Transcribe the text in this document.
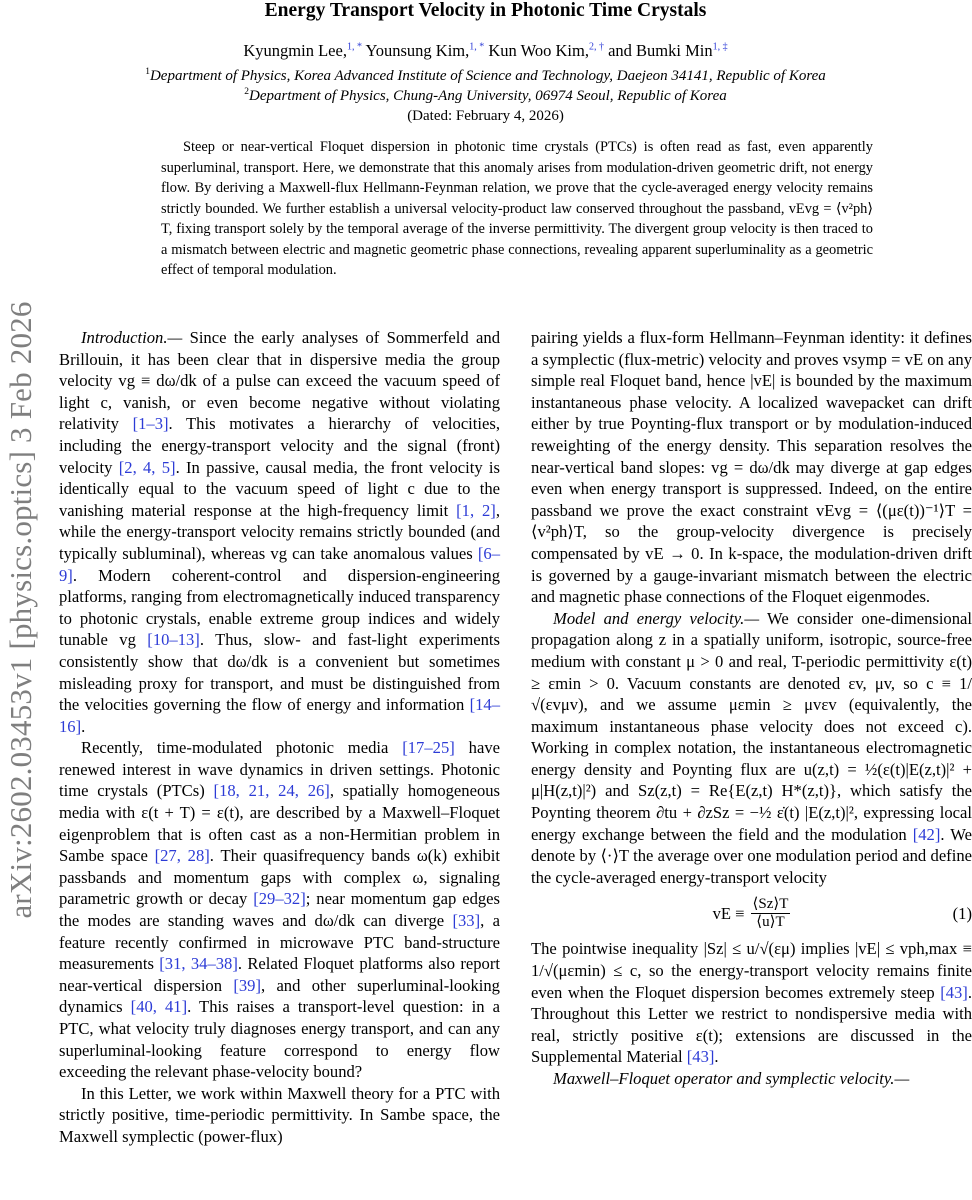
arXiv:2602.03453v1 [physics.optics] 3 Feb 2026
Energy Transport Velocity in Photonic Time Crystals
Kyungmin Lee,$^{1, *}$ Younsung Kim,$^{1, *}$ Kun Woo Kim,$^{2, \dagger}$ and Bumki Min$^{1, \ddagger}$
$^1$Department of Physics, Korea Advanced Institute of Science and Technology, Daejeon 34141, Republic of Korea
$^2$Department of Physics, Chung-Ang University, 06974 Seoul, Republic of Korea
(Dated: February 4, 2026)
Steep or near-vertical Floquet dispersion in photonic time crystals (PTCs) is often read as fast, even apparently superluminal, transport. Here, we demonstrate that this anomaly arises from modulation-driven geometric drift, not energy flow. By deriving a Maxwell-flux Hellmann-Feynman relation, we prove that the cycle-averaged energy velocity remains strictly bounded. We further establish a universal velocity-product law conserved throughout the passband, vEvg = ⟨v²ph⟩T, fixing transport solely by the temporal average of the inverse permittivity. The divergent group velocity is then traced to a mismatch between electric and magnetic geometric phase connections, revealing apparent superluminality as a geometric effect of temporal modulation.

Introduction.— Since the early analyses of Sommerfeld and Brillouin, it has been clear that in dispersive media the group velocity vg ≡ dω/dk of a pulse can exceed the vacuum speed of light c, vanish, or even become negative without violating relativity [1–3]. This motivates a hierarchy of velocities, including the energy-transport velocity and the signal (front) velocity [2, 4, 5]. In passive, causal media, the front velocity is identically equal to the vacuum speed of light c due to the vanishing material response at the high-frequency limit [1, 2], while the energy-transport velocity remains strictly bounded (and typically subluminal), whereas vg can take anomalous values [6–9]. Modern coherent-control and dispersion-engineering platforms, ranging from electromagnetically induced transparency to photonic crystals, enable extreme group indices and widely tunable vg [10–13]. Thus, slow- and fast-light experiments consistently show that dω/dk is a convenient but sometimes misleading proxy for transport, and must be distinguished from the velocities governing the flow of energy and information [14–16].

Recently, time-modulated photonic media [17–25] have renewed interest in wave dynamics in driven settings. Photonic time crystals (PTCs) [18, 21, 24, 26], spatially homogeneous media with ε(t + T) = ε(t), are described by a Maxwell–Floquet eigenproblem that is often cast as a non-Hermitian problem in Sambe space [27, 28]. Their quasifrequency bands ω(k) exhibit passbands and momentum gaps with complex ω, signaling parametric growth or decay [29–32]; near momentum gap edges the modes are standing waves and dω/dk can diverge [33], a feature recently confirmed in microwave PTC band-structure measurements [31, 34–38]. Related Floquet platforms also report near-vertical dispersion [39], and other superluminal-looking dynamics [40, 41]. This raises a transport-level question: in a PTC, what velocity truly diagnoses energy transport, and can any superluminal-looking feature correspond to energy flow exceeding the relevant phase-velocity bound?

In this Letter, we work within Maxwell theory for a PTC with strictly positive, time-periodic permittivity. In Sambe space, the Maxwell symplectic (power-flux)

pairing yields a flux-form Hellmann–Feynman identity: it defines a symplectic (flux-metric) velocity and proves vsymp = vE on any simple real Floquet band, hence |vE| is bounded by the maximum instantaneous phase velocity. A localized wavepacket can drift either by true Poynting-flux transport or by modulation-induced reweighting of the energy density. This separation resolves the near-vertical band slopes: vg = dω/dk may diverge at gap edges even when energy transport is suppressed. Indeed, on the entire passband we prove the exact constraint vEvg = ⟨(με(t))⁻¹⟩T = ⟨v²ph⟩T, so the group-velocity divergence is precisely compensated by vE → 0. In k-space, the modulation-driven drift is governed by a gauge-invariant mismatch between the electric and magnetic phase connections of the Floquet eigenmodes.

Model and energy velocity.— We consider one-dimensional propagation along z in a spatially uniform, isotropic, source-free medium with constant μ > 0 and real, T-periodic permittivity ε(t) ≥ εmin > 0. Vacuum constants are denoted εv, μv, so c ≡ 1/√(εvμv), and we assume μεmin ≥ μvεv (equivalently, the maximum instantaneous phase velocity does not exceed c). Working in complex notation, the instantaneous electromagnetic energy density and Poynting flux are u(z,t) = ½(ε(t)|E(z,t)|² + μ|H(z,t)|²) and Sz(z,t) = Re{E(z,t) H*(z,t)}, which satisfy the Poynting theorem ∂tu + ∂zSz = −½ ε̇(t) |E(z,t)|², expressing local energy exchange between the field and the modulation [42]. We denote by ⟨·⟩T the average over one modulation period and define the cycle-averaged energy-transport velocity

vE ≡ $\frac{⟨Sz⟩T}{⟨u⟩T}$	(1)

The pointwise inequality |Sz| ≤ u/√(εμ) implies |vE| ≤ vph,max ≡ 1/√(μεmin) ≤ c, so the energy-transport velocity remains finite even when the Floquet dispersion becomes extremely steep [43]. Throughout this Letter we restrict to nondispersive media with real, strictly positive ε(t); extensions are discussed in the Supplemental Material [43].

Maxwell–Floquet operator and symplectic velocity.—
